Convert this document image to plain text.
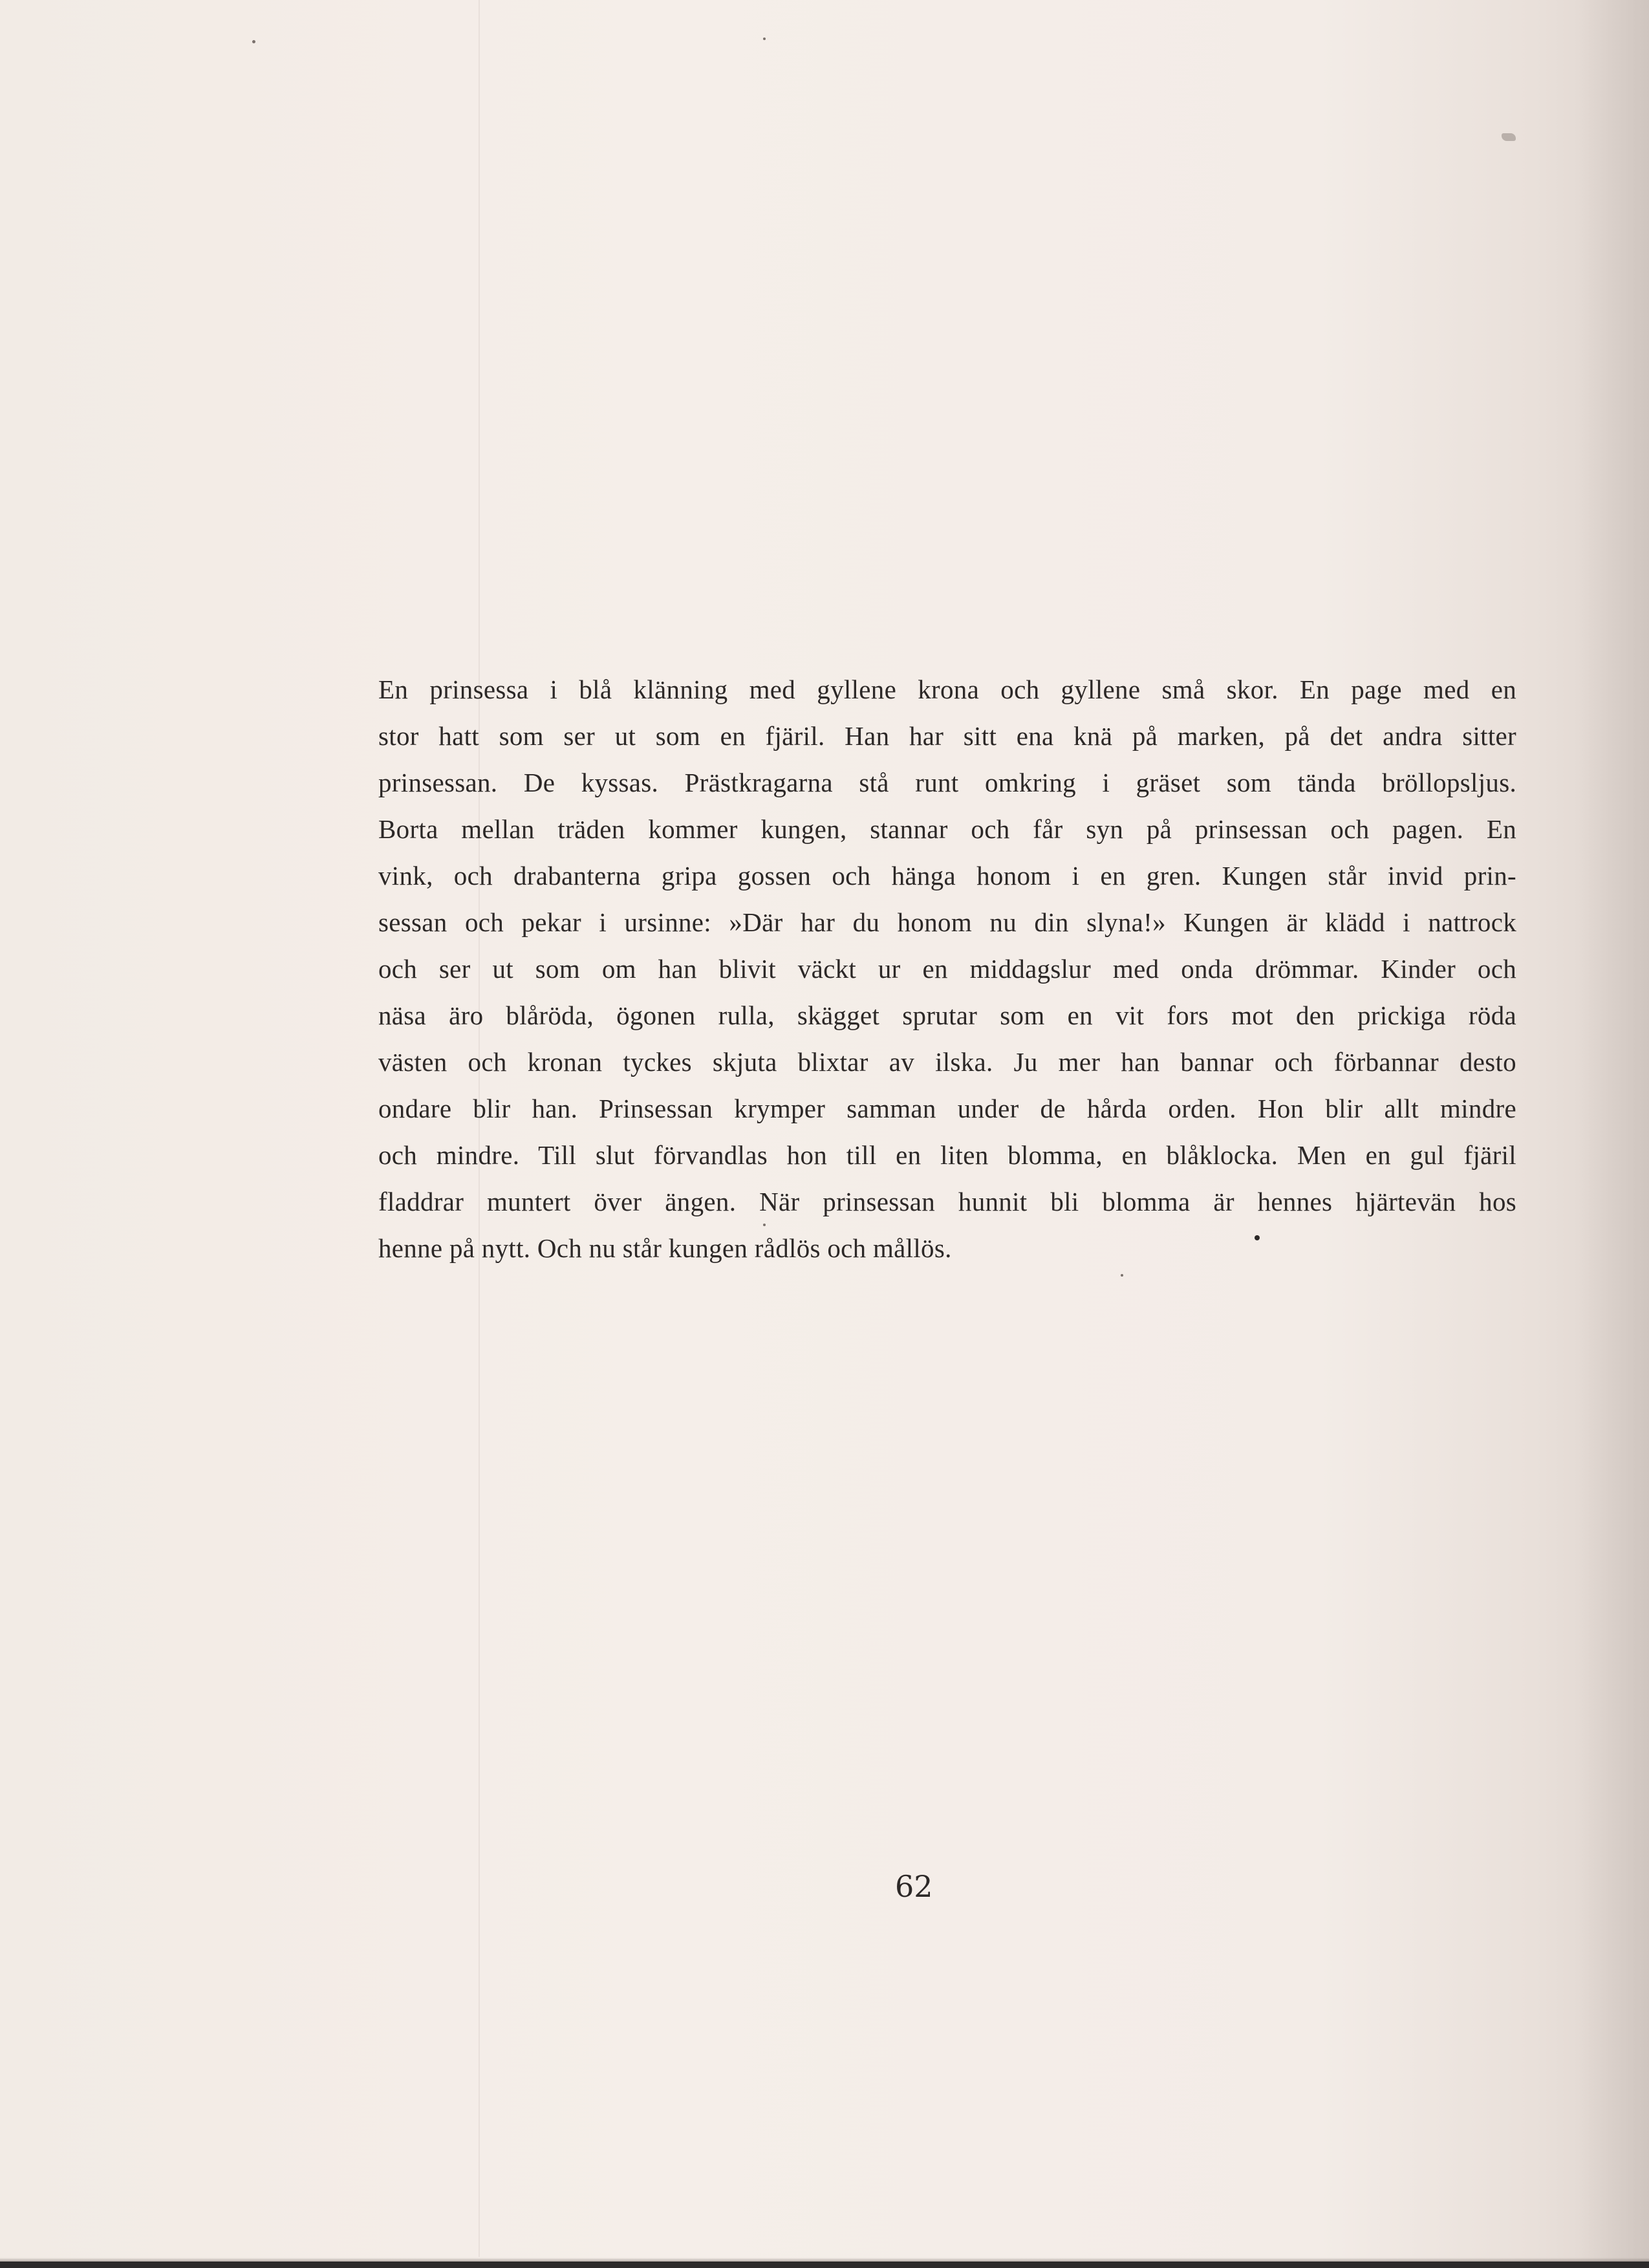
En prinsessa i blå klänning med gyllene krona och gyllene små skor. En page med en
stor hatt som ser ut som en fjäril. Han har sitt ena knä på marken, på det andra sitter
prinsessan. De kyssas. Prästkragarna stå runt omkring i gräset som tända bröllopsljus.
Borta mellan träden kommer kungen, stannar och får syn på prinsessan och pagen. En
vink, och drabanterna gripa gossen och hänga honom i en gren. Kungen står invid prin-
sessan och pekar i ursinne: »Där har du honom nu din slyna!» Kungen är klädd i nattrock
och ser ut som om han blivit väckt ur en middagslur med onda drömmar. Kinder och
näsa äro blåröda, ögonen rulla, skägget sprutar som en vit fors mot den prickiga röda
västen och kronan tyckes skjuta blixtar av ilska. Ju mer han bannar och förbannar desto
ondare blir han. Prinsessan krymper samman under de hårda orden. Hon blir allt mindre
och mindre. Till slut förvandlas hon till en liten blomma, en blåklocka. Men en gul fjäril
fladdrar muntert över ängen. När prinsessan hunnit bli blomma är hennes hjärtevän hos
henne på nytt. Och nu står kungen rådlös och mållös.
62
